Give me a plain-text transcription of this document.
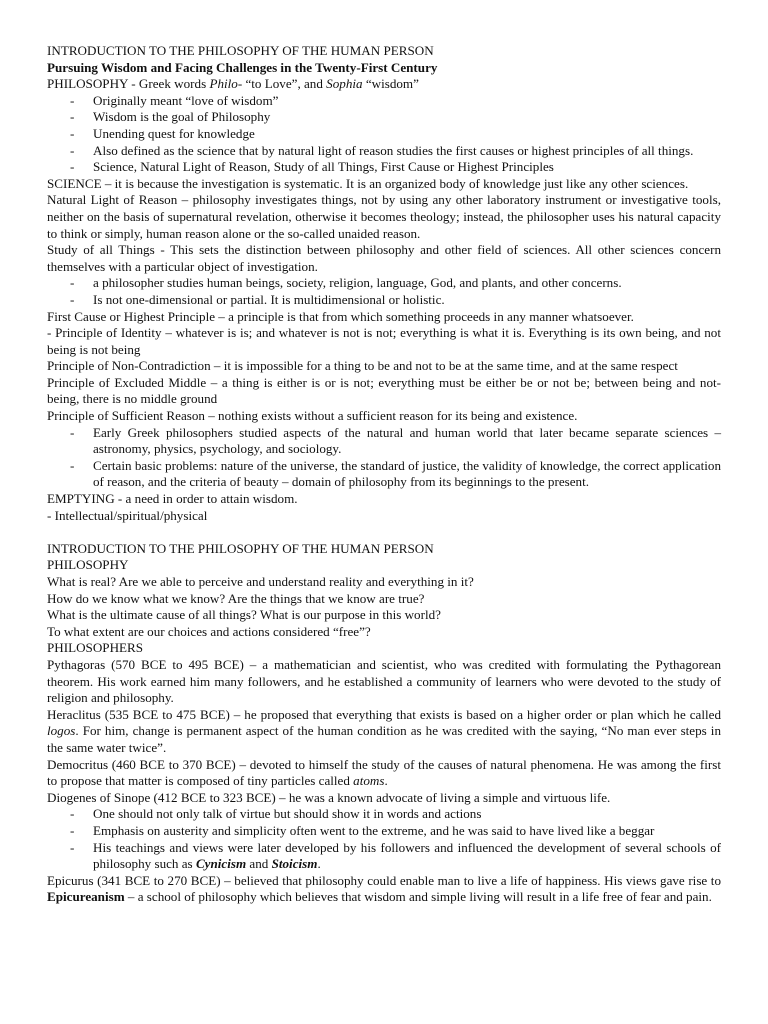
INTRODUCTION TO THE PHILOSOPHY OF THE HUMAN PERSON
Pursuing Wisdom and Facing Challenges in the Twenty-First Century
PHILOSOPHY - Greek words Philo- “to Love”, and Sophia “wisdom”
- Originally meant “love of wisdom”
- Wisdom is the goal of Philosophy
- Unending quest for knowledge
- Also defined as the science that by natural light of reason studies the first causes or highest principles of all things.
- Science, Natural Light of Reason, Study of all Things, First Cause or Highest Principles
SCIENCE – it is because the investigation is systematic. It is an organized body of knowledge just like any other sciences.
Natural Light of Reason – philosophy investigates things, not by using any other laboratory instrument or investigative tools, neither on the basis of supernatural revelation, otherwise it becomes theology; instead, the philosopher uses his natural capacity to think or simply, human reason alone or the so-called unaided reason.
Study of all Things - This sets the distinction between philosophy and other field of sciences. All other sciences concern themselves with a particular object of investigation.
- a philosopher studies human beings, society, religion, language, God, and plants, and other concerns.
- Is not one-dimensional or partial. It is multidimensional or holistic.
First Cause or Highest Principle – a principle is that from which something proceeds in any manner whatsoever.
- Principle of Identity – whatever is is; and whatever is not is not; everything is what it is. Everything is its own being, and not being is not being
Principle of Non-Contradiction – it is impossible for a thing to be and not to be at the same time, and at the same respect
Principle of Excluded Middle – a thing is either is or is not; everything must be either be or not be; between being and not-being, there is no middle ground
Principle of Sufficient Reason – nothing exists without a sufficient reason for its being and existence.
- Early Greek philosophers studied aspects of the natural and human world that later became separate sciences – astronomy, physics, psychology, and sociology.
- Certain basic problems: nature of the universe, the standard of justice, the validity of knowledge, the correct application of reason, and the criteria of beauty – domain of philosophy from its beginnings to the present.
EMPTYING - a need in order to attain wisdom.
- Intellectual/spiritual/physical
INTRODUCTION TO THE PHILOSOPHY OF THE HUMAN PERSON
PHILOSOPHY
What is real? Are we able to perceive and understand reality and everything in it?
How do we know what we know? Are the things that we know are true?
What is the ultimate cause of all things? What is our purpose in this world?
To what extent are our choices and actions considered “free”?
PHILOSOPHERS
Pythagoras (570 BCE to 495 BCE) – a mathematician and scientist, who was credited with formulating the Pythagorean theorem. His work earned him many followers, and he established a community of learners who were devoted to the study of religion and philosophy.
Heraclitus (535 BCE to 475 BCE) – he proposed that everything that exists is based on a higher order or plan which he called logos. For him, change is permanent aspect of the human condition as he was credited with the saying, “No man ever steps in the same water twice”.
Democritus (460 BCE to 370 BCE) – devoted to himself the study of the causes of natural phenomena. He was among the first to propose that matter is composed of tiny particles called atoms.
Diogenes of Sinope (412 BCE to 323 BCE) – he was a known advocate of living a simple and virtuous life.
- One should not only talk of virtue but should show it in words and actions
- Emphasis on austerity and simplicity often went to the extreme, and he was said to have lived like a beggar
- His teachings and views were later developed by his followers and influenced the development of several schools of philosophy such as Cynicism and Stoicism.
Epicurus (341 BCE to 270 BCE) – believed that philosophy could enable man to live a life of happiness. His views gave rise to Epicureanism – a school of philosophy which believes that wisdom and simple living will result in a life free of fear and pain.
